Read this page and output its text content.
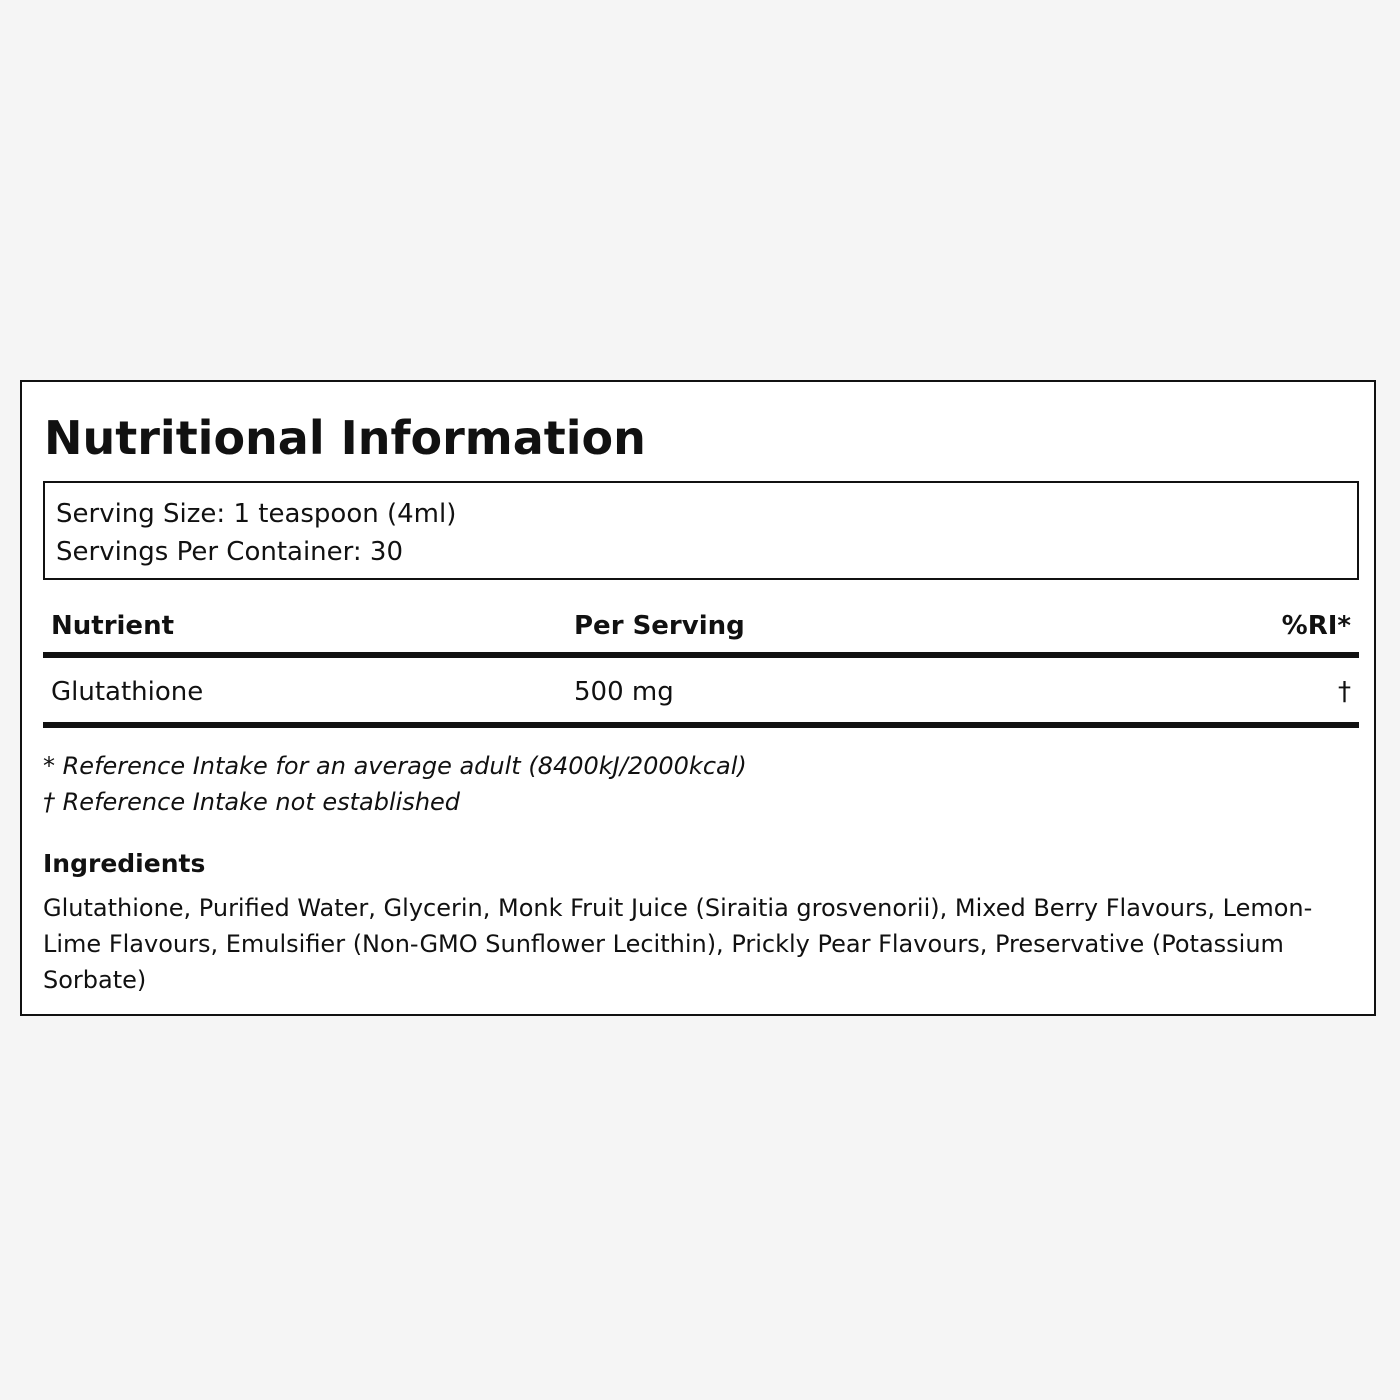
Nutritional Information
Serving Size: 1 teaspoon (4ml)
Servings Per Container: 30
Nutrient	Per Serving	%RI*
Glutathione	500 mg	†
* Reference Intake for an average adult (8400kJ/2000kcal)
† Reference Intake not established
Ingredients
Glutathione, Purified Water, Glycerin, Monk Fruit Juice (Siraitia grosvenorii), Mixed Berry Flavours, Lemon-Lime Flavours, Emulsifier (Non-GMO Sunflower Lecithin), Prickly Pear Flavours, Preservative (Potassium Sorbate)
